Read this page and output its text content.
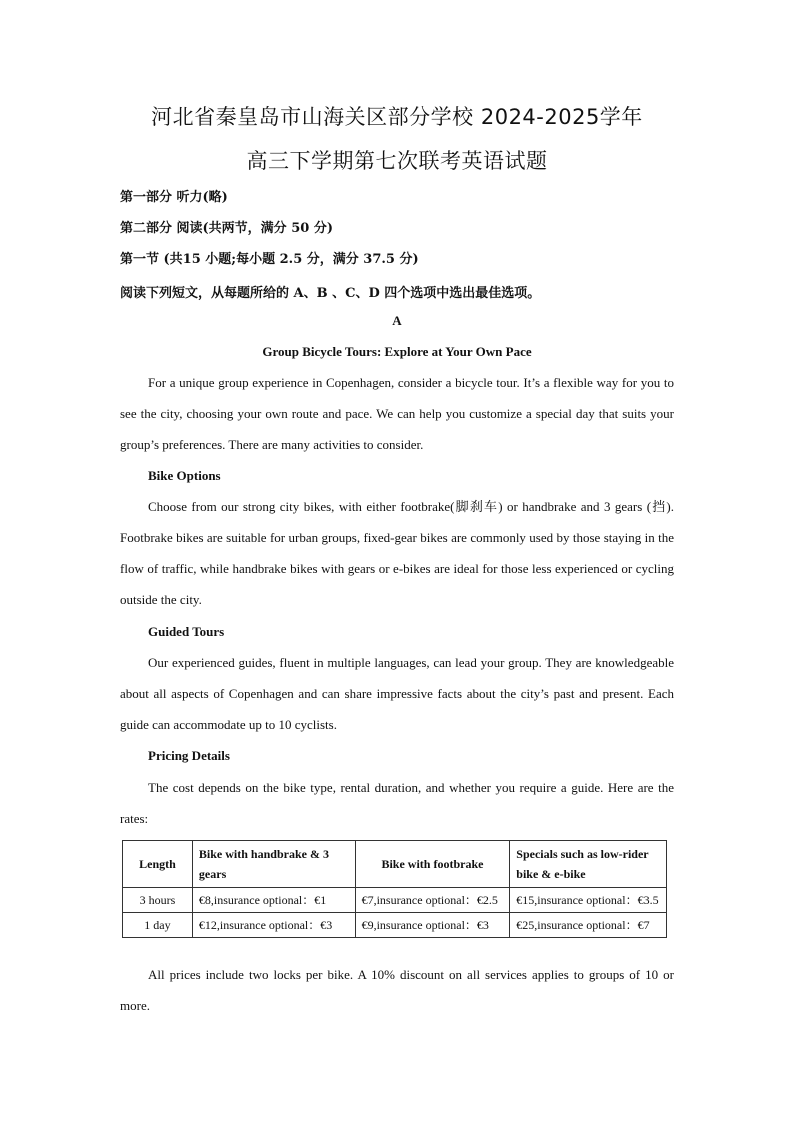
河北省秦皇岛市山海关区部分学校 2024-2025学年
高三下学期第七次联考英语试题
第一部分 听力(略)
第二部分 阅读(共两节，满分 50 分)
第一节 (共15 小题;每小题 2.5 分，满分 37.5 分)
阅读下列短文，从每题所给的 A、B 、C、D 四个选项中选出最佳选项。
A
Group Bicycle Tours: Explore at Your Own Pace

For a unique group experience in Copenhagen, consider a bicycle tour. It’s a flexible way for you to see the city, choosing your own route and pace. We can help you customize a special day that suits your group’s preferences. There are many activities to consider.

Bike Options

Choose from our strong city bikes, with either footbrake(脚刹车) or handbrake and 3 gears (挡). Footbrake bikes are suitable for urban groups, fixed-gear bikes are commonly used by those staying in the flow of traffic, while handbrake bikes with gears or e-bikes are ideal for those less experienced or cycling outside the city.

Guided Tours

Our experienced guides, fluent in multiple languages, can lead your group. They are knowledgeable about all aspects of Copenhagen and can share impressive facts about the city’s past and present. Each guide can accommodate up to 10 cyclists.

Pricing Details

The cost depends on the bike type, rental duration, and whether you require a guide. Here are the rates:

Length	Bike with handbrake & 3 gears	Bike with footbrake	Specials such as low-rider bike & e-bike
3 hours	€8,insurance optional：€1	€7,insurance optional：€2.5	€15,insurance optional：€3.5
1 day	€12,insurance optional：€3	€9,insurance optional：€3	€25,insurance optional：€7

All prices include two locks per bike. A 10% discount on all services applies to groups of 10 or more.
